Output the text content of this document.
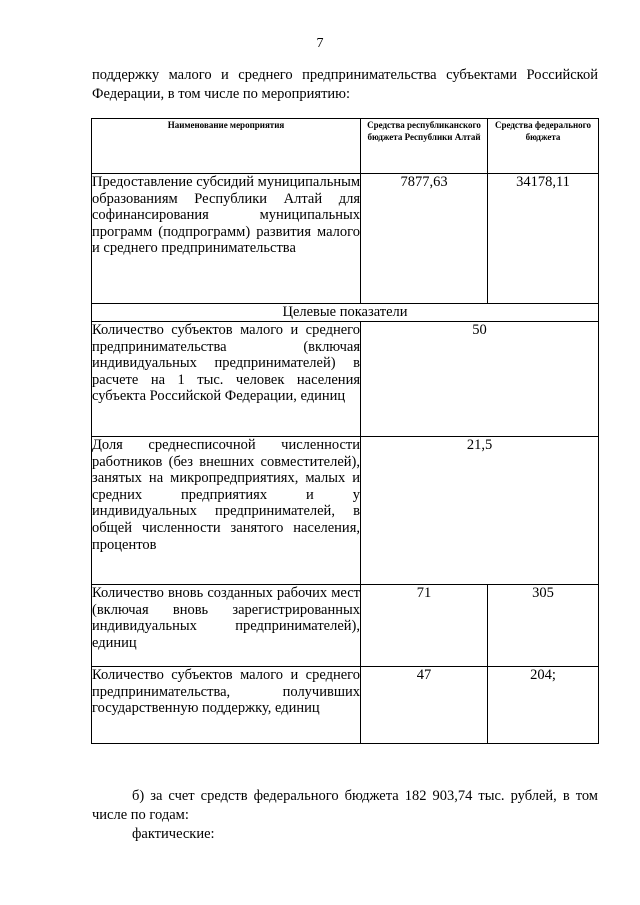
7
поддержку малого и среднего предпринимательства субъектами Российской Федерации, в том числе по мероприятию:
Наименование мероприятия	Средства республиканского бюджета Республики Алтай	Средства федерального бюджета
Предоставление субсидий муниципальным образованиям Республики Алтай для софинансирования муниципальных программ (подпрограмм) развития малого и среднего предпринимательства	7877,63	34178,11
Целевые показатели		
Количество субъектов малого и среднего предпринимательства (включая индивидуальных предпринимателей) в расчете на 1 тыс. человек населения субъекта Российской Федерации, единиц	50	
Доля среднесписочной численности работников (без внешних совместителей), занятых на микропредприятиях, малых и средних предприятиях и у индивидуальных предпринимателей, в общей численности занятого населения, процентов	21,5	
Количество вновь созданных рабочих мест (включая вновь зарегистрированных индивидуальных предпринимателей), единиц	71	305
Количество субъектов малого и среднего предпринимательства, получивших государственную поддержку, единиц	47	204;

б) за счет средств федерального бюджета 182 903,74 тыс. рублей, в том числе по годам:

фактические:
